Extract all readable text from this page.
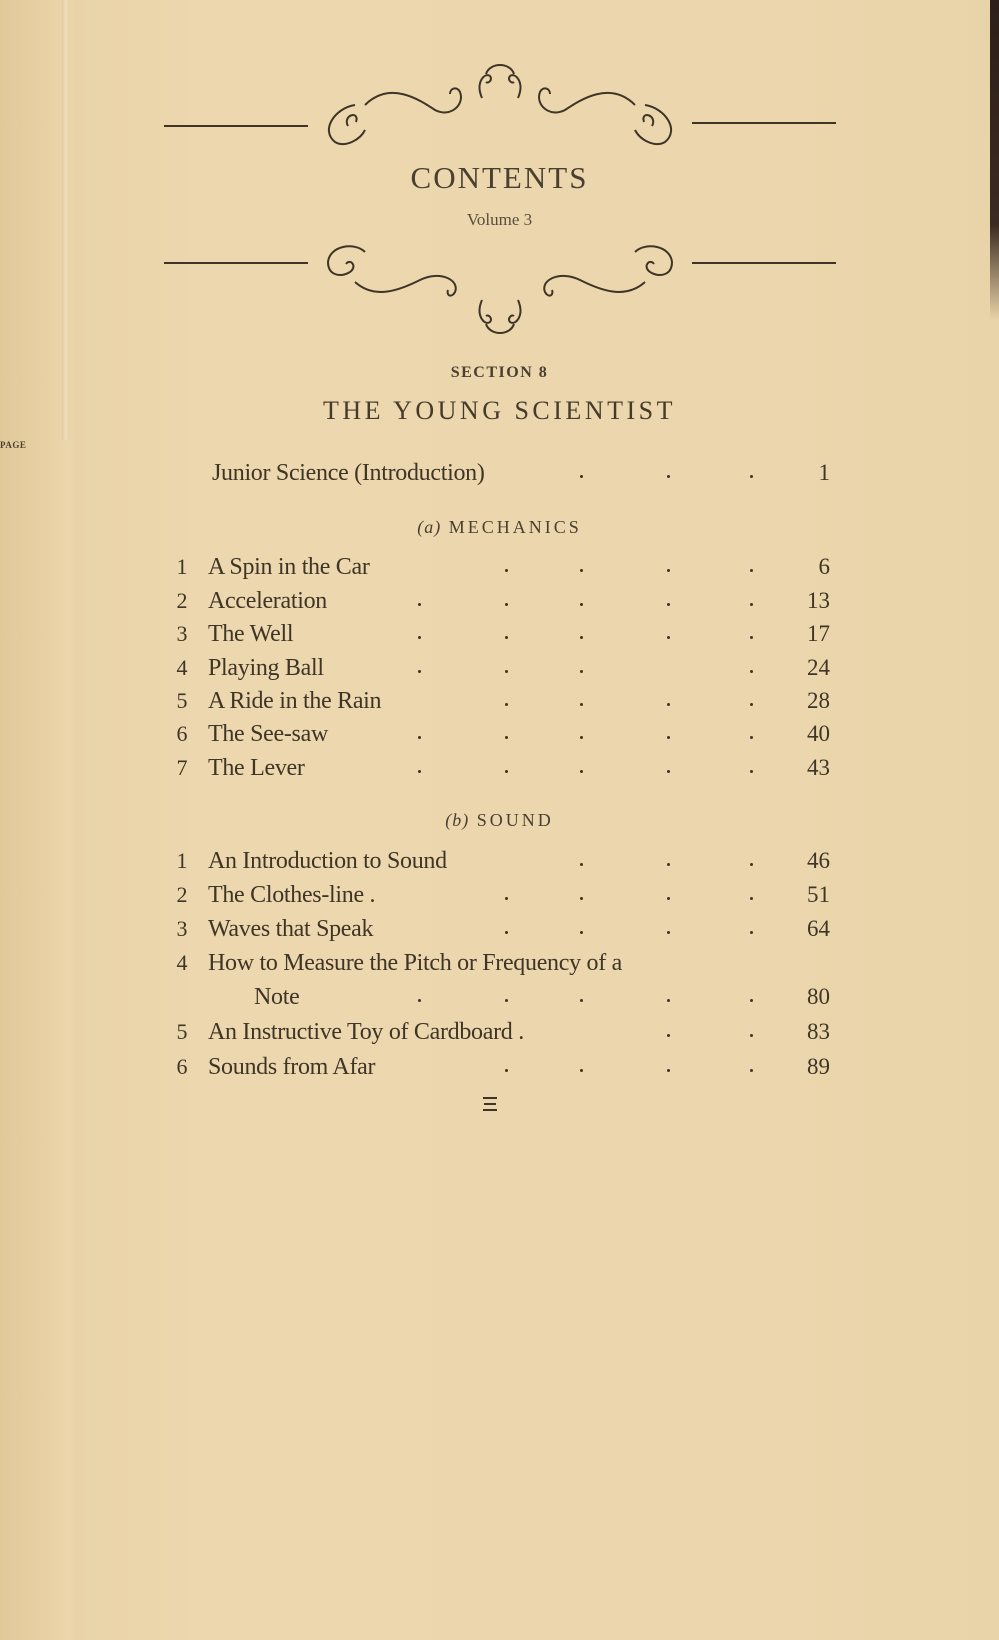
CONTENTS
Volume 3
SECTION 8
THE YOUNG SCIENTIST
PAGE
Junior Science (Introduction)	1
(a) MECHANICS
1 A Spin in the Car	6
2 Acceleration	13
3 The Well	17
4 Playing Ball	24
5 A Ride in the Rain	28
6 The See-saw	40
7 The Lever	43
(b) SOUND
1 An Introduction to Sound	46
2 The Clothes-line .	51
3 Waves that Speak	64
4 How to Measure the Pitch or Frequency of a
Note	80
5 An Instructive Toy of Cardboard .	83
6 Sounds from Afar	89
